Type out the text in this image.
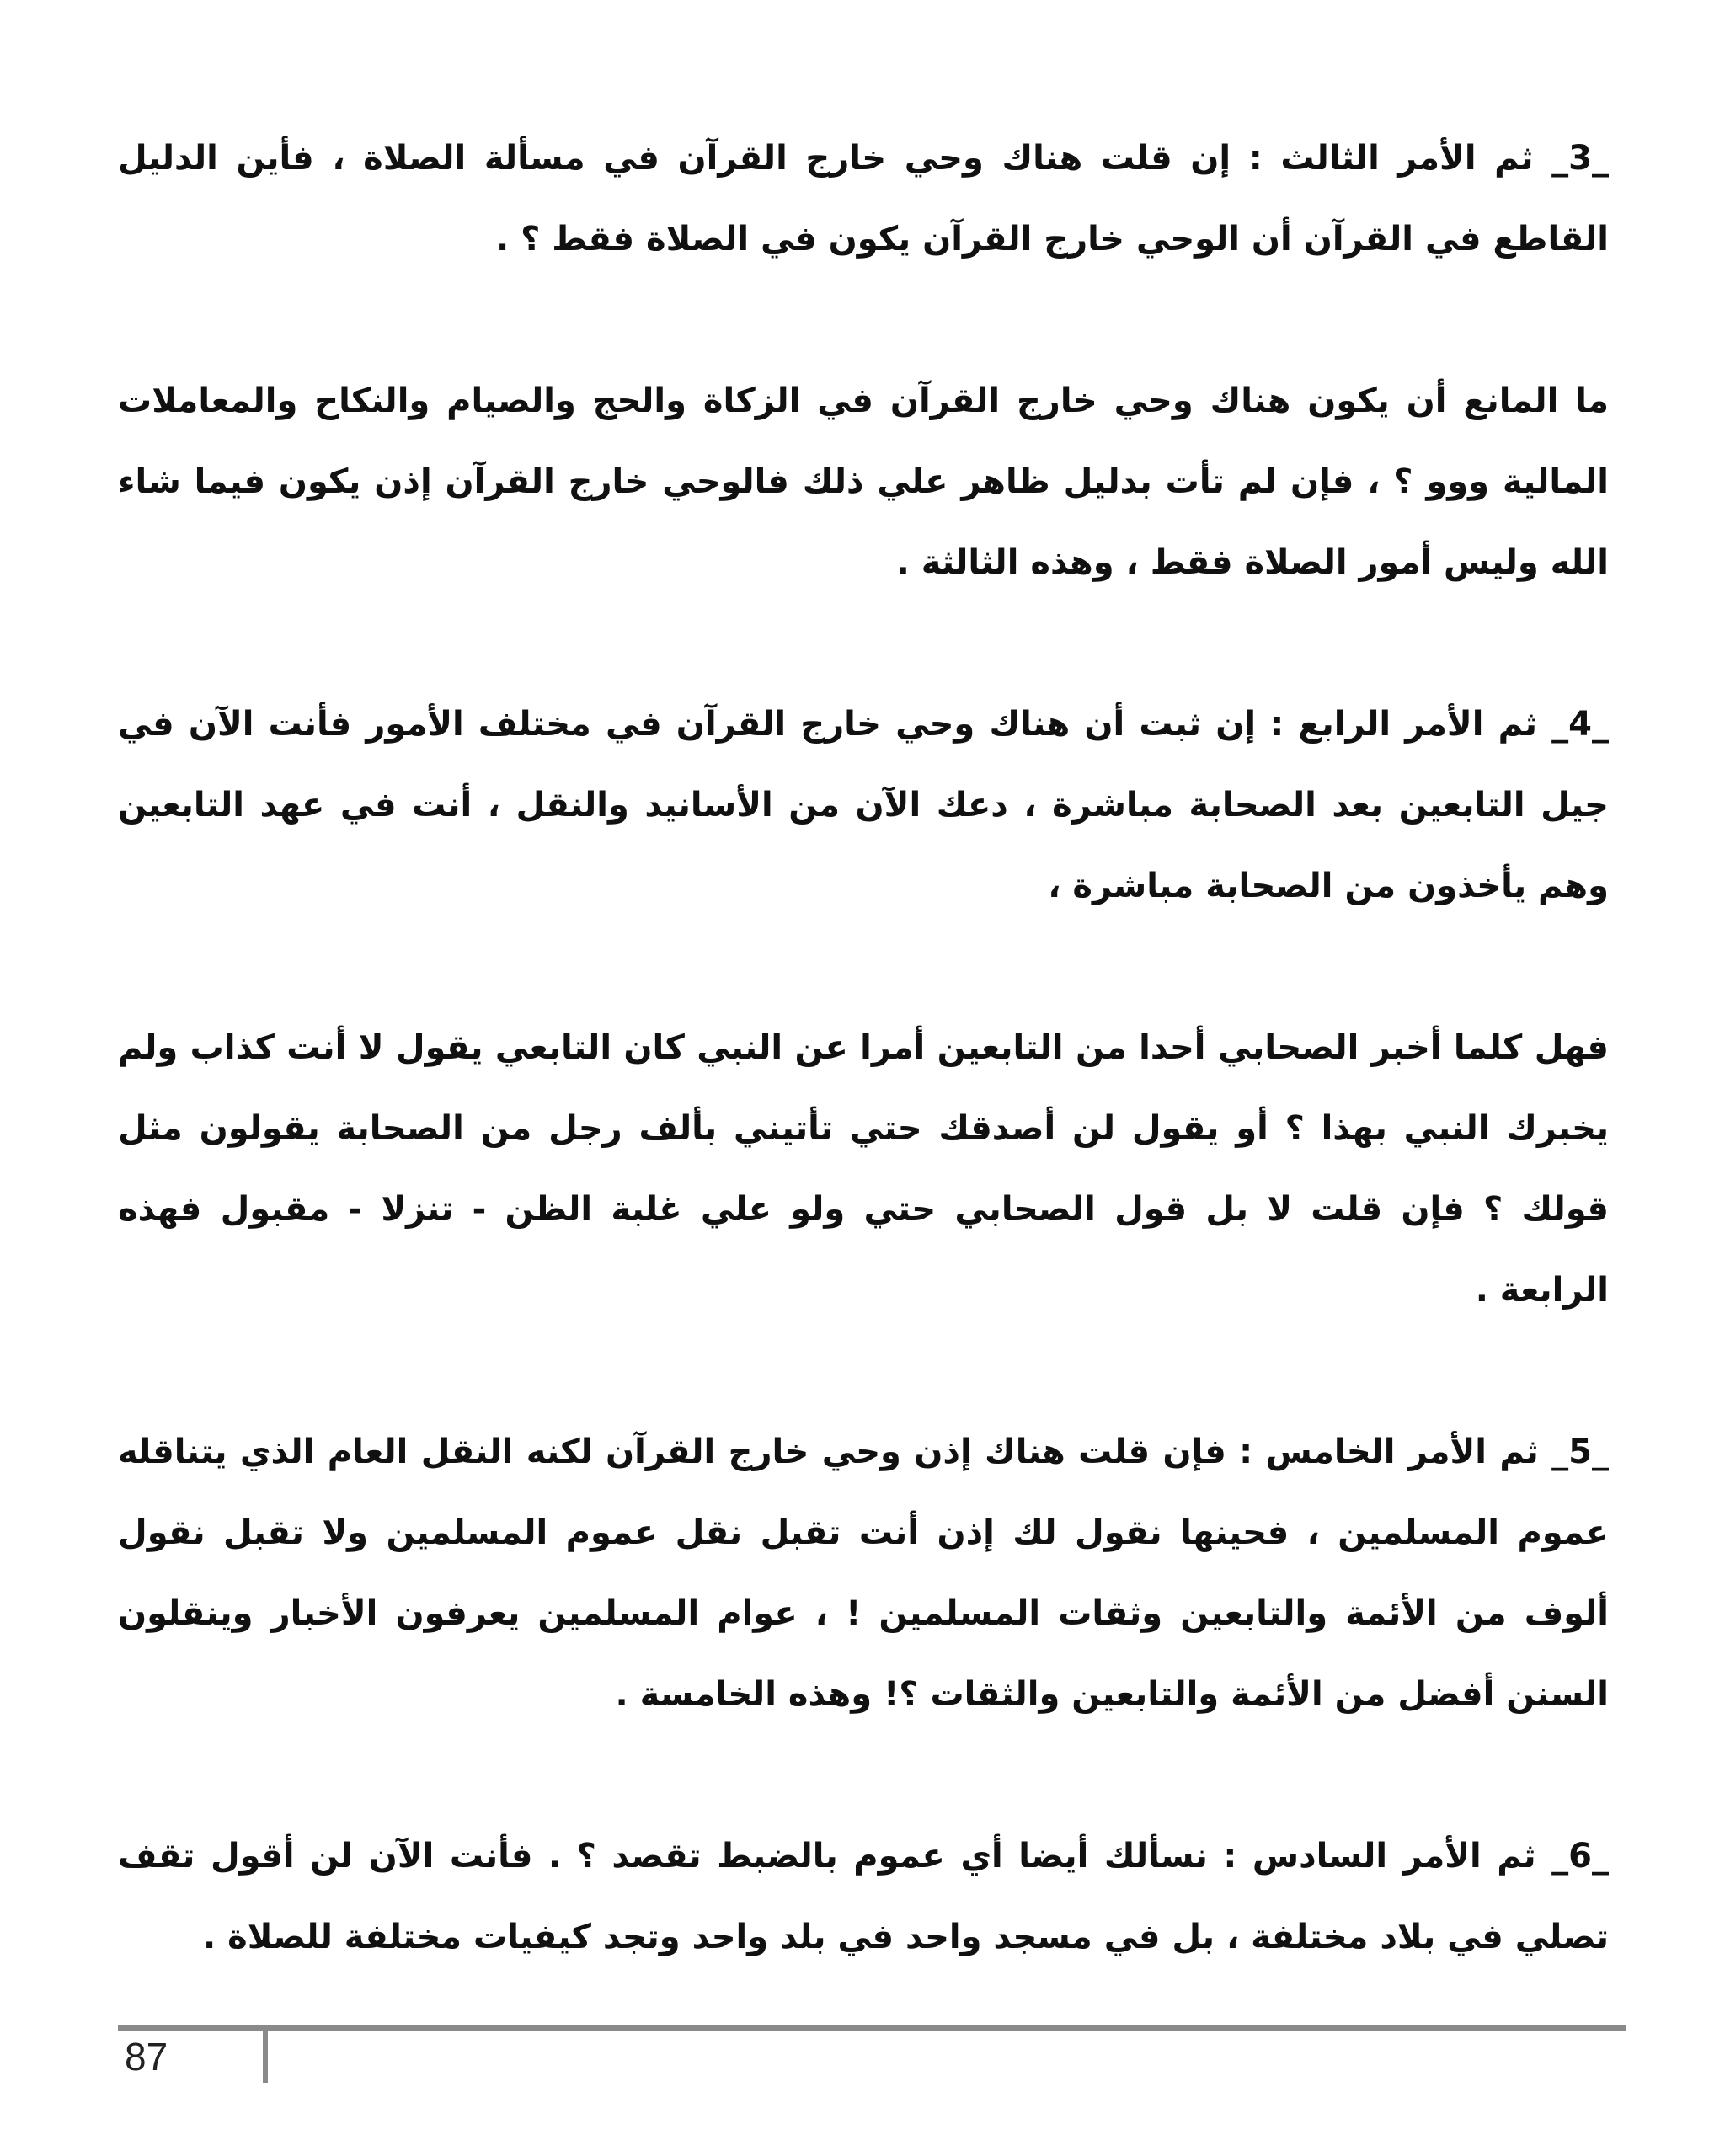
_3_ ثم الأمر الثالث : إن قلت هناك وحي خارج القرآن في مسألة الصلاة ، فأين الدليل القاطع في القرآن أن الوحي خارج القرآن يكون في الصلاة فقط ؟ .

ما المانع أن يكون هناك وحي خارج القرآن في الزكاة والحج والصيام والنكاح والمعاملات المالية ووو ؟ ، فإن لم تأت بدليل ظاهر علي ذلك فالوحي خارج القرآن إذن يكون فيما شاء الله وليس أمور الصلاة فقط ، وهذه الثالثة .

_4_ ثم الأمر الرابع : إن ثبت أن هناك وحي خارج القرآن في مختلف الأمور فأنت الآن في جيل التابعين بعد الصحابة مباشرة ، دعك الآن من الأسانيد والنقل ، أنت في عهد التابعين وهم يأخذون من الصحابة مباشرة ،

فهل كلما أخبر الصحابي أحدا من التابعين أمرا عن النبي كان التابعي يقول لا أنت كذاب ولم يخبرك النبي بهذا ؟ أو يقول لن أصدقك حتي تأتيني بألف رجل من الصحابة يقولون مثل قولك ؟ فإن قلت لا بل قول الصحابي حتي ولو علي غلبة الظن - تنزلا - مقبول فهذه الرابعة .

_5_ ثم الأمر الخامس : فإن قلت هناك إذن وحي خارج القرآن لكنه النقل العام الذي يتناقله عموم المسلمين ، فحينها نقول لك إذن أنت تقبل نقل عموم المسلمين ولا تقبل نقول ألوف من الأئمة والتابعين وثقات المسلمين ! ، عوام المسلمين يعرفون الأخبار وينقلون السنن أفضل من الأئمة والتابعين والثقات ؟! وهذه الخامسة .

_6_ ثم الأمر السادس : نسألك أيضا أي عموم بالضبط تقصد ؟ . فأنت الآن لن أقول تقف تصلي في بلاد مختلفة ، بل في مسجد واحد في بلد واحد وتجد كيفيات مختلفة للصلاة .

87
